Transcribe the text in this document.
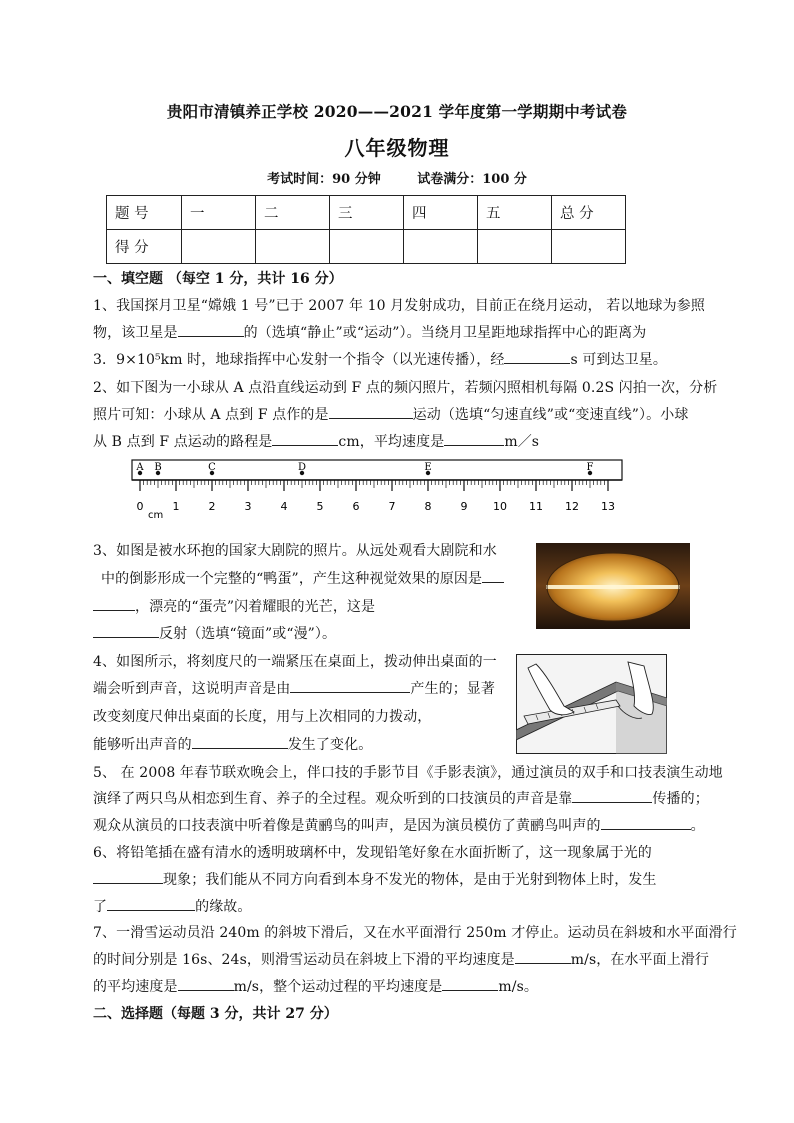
贵阳市清镇养正学校 2020——2021 学年度第一学期期中考试卷
八年级物理
考试时间：90 分钟	试卷满分：100 分
题 号	一	二	三	四	五	总 分
得 分						
一、填空题 （每空 1 分，共计 16 分）
1、我国探月卫星“嫦娥 1 号”已于 2007 年 10 月发射成功，目前正在绕月运动， 若以地球为参照
物，该卫星是	的（选填“静止”或“运动”）。当绕月卫星距地球指挥中心的距离为
3．9×10⁵km 时，地球指挥中心发射一个指令（以光速传播），经	s 可到达卫星。
2、如下图为一小球从 A 点沿直线运动到 F 点的频闪照片，若频闪照相机每隔 0.2S 闪拍一次，分析
照片可知：小球从 A 点到 F 点作的是	运动（选填“匀速直线”或“变速直线”）。小球
从 B 点到 F 点运动的路程是	cm，平均速度是	m／s
A B	C	D	E	F
0	1	2	3	4	5	6	7	8	9 10 11 12 13
cm
3、如图是被水环抱的国家大剧院的照片。从远处观看大剧院和水
中的倒影形成一个完整的“鸭蛋”，产生这种视觉效果的原因是
，漂亮的“蛋壳”闪着耀眼的光芒，这是
反射（选填“镜面”或“漫”）。
4、如图所示，将刻度尺的一端紧压在桌面上，拨动伸出桌面的一
端会听到声音，这说明声音是由	产生的；显著
改变刻度尺伸出桌面的长度，用与上次相同的力拨动，
能够听出声音的	发生了变化。
5、 在 2008 年春节联欢晚会上，伴口技的手影节目《手影表演》，通过演员的双手和口技表演生动地
演绎了两只鸟从相恋到生育、养子的全过程。观众听到的口技演员的声音是靠	传播的；
观众从演员的口技表演中听着像是黄鹂鸟的叫声，是因为演员模仿了黄鹂鸟叫声的	。
6、将铅笔插在盛有清水的透明玻璃杯中，发现铅笔好象在水面折断了，这一现象属于光的
现象；我们能从不同方向看到本身不发光的物体，是由于光射到物体上时，发生
了	的缘故。
7、一滑雪运动员沿 240m 的斜坡下滑后，又在水平面滑行 250m 才停止。运动员在斜坡和水平面滑行
的时间分别是 16s、24s，则滑雪运动员在斜坡上下滑的平均速度是	m/s，在水平面上滑行
的平均速度是	m/s，整个运动过程的平均速度是	m/s。
二、选择题（每题 3 分，共计 27 分）
